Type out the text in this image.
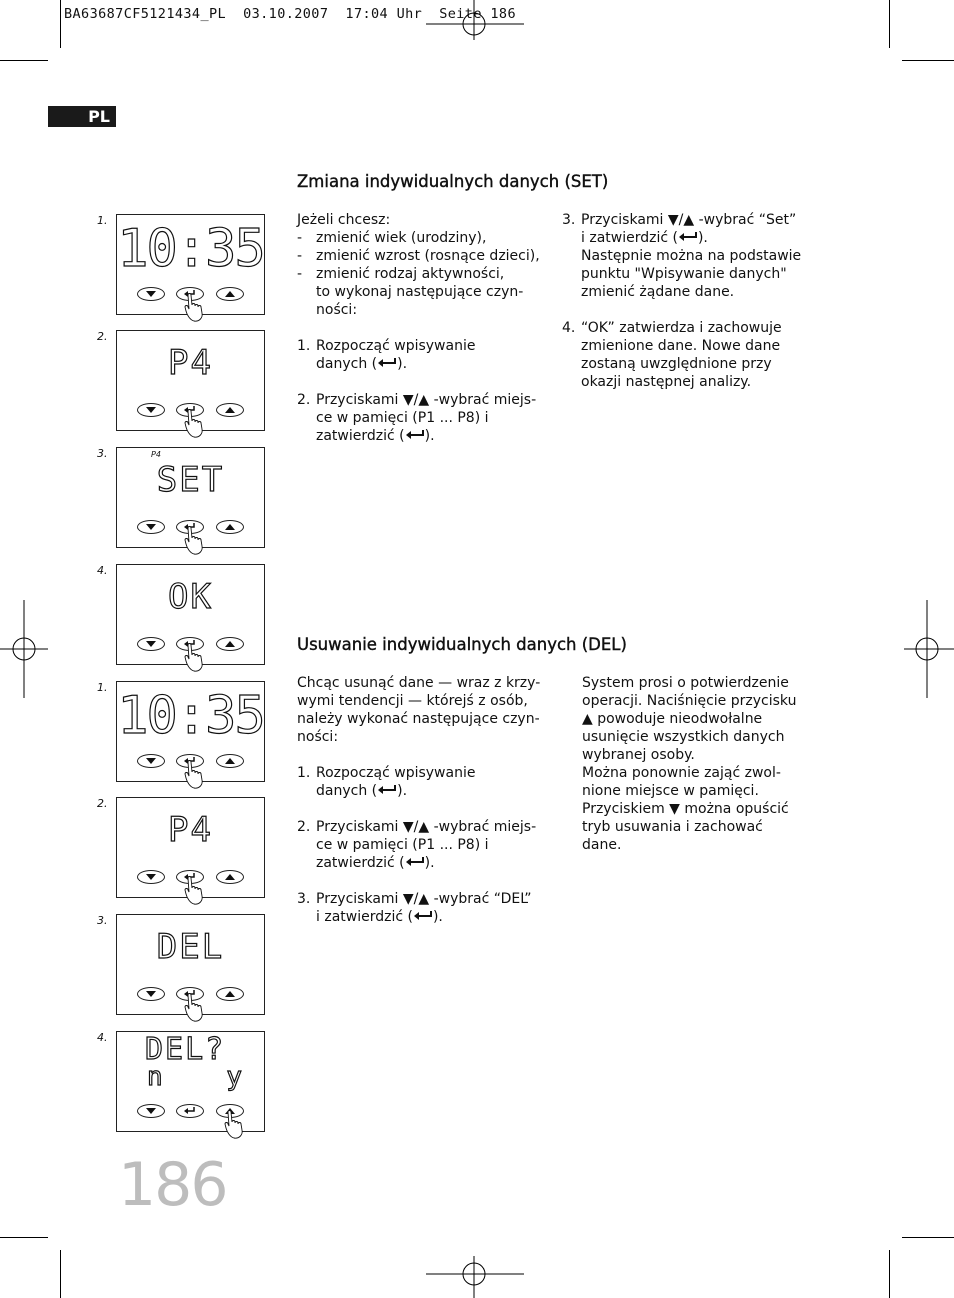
BA63687CF5121434_PL  03.10.2007  17:04 Uhr  Seite 186
PL
Zmiana indywidualnych danych (SET)

Jeżeli chcesz:

- zmienić wiek (urodziny),

- zmienić wzrost (rosnące dzieci),

- zmienić rodzaj aktywności,

to wykonaj następujące czyn-

ności:

1. Rozpocząć wpisywanie

danych ( ).

2. Przyciskami ▼/▲ -wybrać miejs-

ce w pamięci (P1 ... P8) i

zatwierdzić ( ).

3. Przyciskami ▼/▲ -wybrać “Set”

i zatwierdzić ( ).

Następnie można na podstawie

punktu "Wpisywanie danych"

zmienić żądane dane.

4. “OK” zatwierdza i zachowuje

zmienione dane. Nowe dane

zostaną uwzględnione przy

okazji następnej analizy.

Usuwanie indywidualnych danych (DEL)

Chcąc usunąć dane — wraz z krzy-

wymi tendencji — którejś z osób,

należy wykonać następujące czyn-

ności:

1. Rozpocząć wpisywanie

danych ( ).

2. Przyciskami ▼/▲ -wybrać miejs-

ce w pamięci (P1 ... P8) i

zatwierdzić ( ).

3. Przyciskami ▼/▲ -wybrać “DEL”

i zatwierdzić ( ).

System prosi o potwierdzenie

operacji. Naciśnięcie przycisku

▲ powoduje nieodwołalne

usunięcie wszystkich danych

wybranej osoby.

Można ponownie zająć zwol-

nione miejsce w pamięci.

Przyciskiem ▼ można opuścić

tryb usuwania i zachować

dane.

1. 10:35
2.
P4
3.	P4
SET
4.
OK
1. 10:35
2.
P4
3.
DEL
4.	DEL?
n	y
186
